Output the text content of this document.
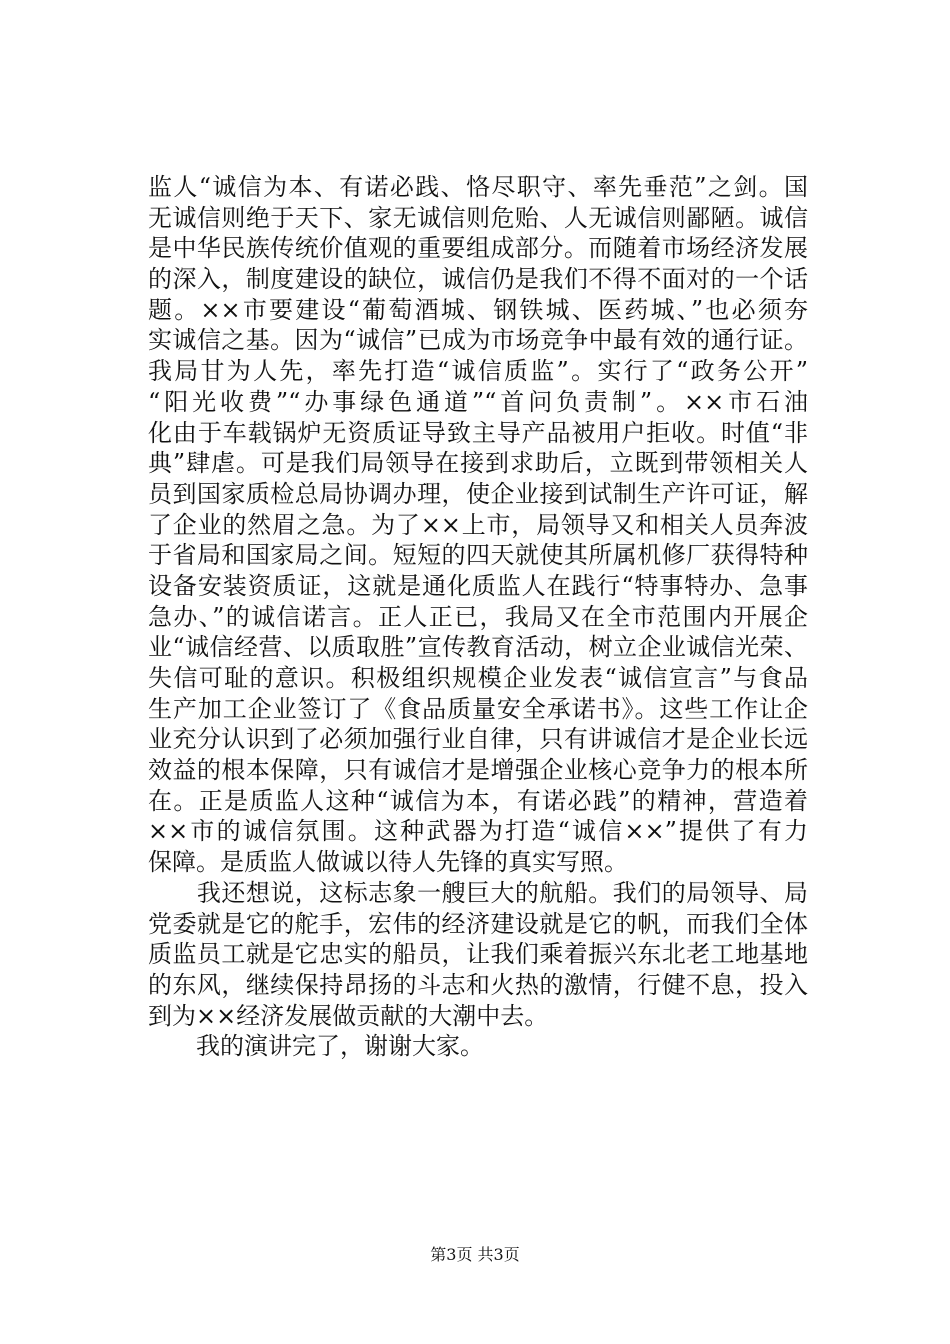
监人“诚信为本、有诺必践、恪尽职守、率先垂范”之剑。国
无诚信则绝于天下、家无诚信则危贻、人无诚信则鄙陋。诚信
是中华民族传统价值观的重要组成部分。而随着市场经济发展
的深入，制度建设的缺位，诚信仍是我们不得不面对的一个话
题。××市要建设“葡萄酒城、钢铁城、医药城、”也必须夯
实诚信之基。因为“诚信”已成为市场竞争中最有效的通行证。
我局甘为人先，率先打造“诚信质监”。实行了“政务公开”
“阳光收费”“办事绿色通道”“首问负责制”。××市石油
化由于车载锅炉无资质证导致主导产品被用户拒收。时值“非
典”肆虐。可是我们局领导在接到求助后，立既到带领相关人
员到国家质检总局协调办理，使企业接到试制生产许可证，解
了企业的然眉之急。为了××上市，局领导又和相关人员奔波
于省局和国家局之间。短短的四天就使其所属机修厂获得特种
设备安装资质证，这就是通化质监人在践行“特事特办、急事
急办、”的诚信诺言。正人正已，我局又在全市范围内开展企
业“诚信经营、以质取胜”宣传教育活动，树立企业诚信光荣、
失信可耻的意识。积极组织规模企业发表“诚信宣言”与食品
生产加工企业签订了《食品质量安全承诺书》。这些工作让企
业充分认识到了必须加强行业自律，只有讲诚信才是企业长远
效益的根本保障，只有诚信才是增强企业核心竞争力的根本所
在。正是质监人这种“诚信为本，有诺必践”的精神，营造着
××市的诚信氛围。这种武器为打造“诚信××”提供了有力
保障。是质监人做诚以待人先锋的真实写照。
　　我还想说，这标志象一艘巨大的航船。我们的局领导、局
党委就是它的舵手，宏伟的经济建设就是它的帆，而我们全体
质监员工就是它忠实的船员，让我们乘着振兴东北老工地基地
的东风，继续保持昂扬的斗志和火热的激情，行健不息，投入
到为××经济发展做贡献的大潮中去。
　　我的演讲完了，谢谢大家。
第3页 共3页
